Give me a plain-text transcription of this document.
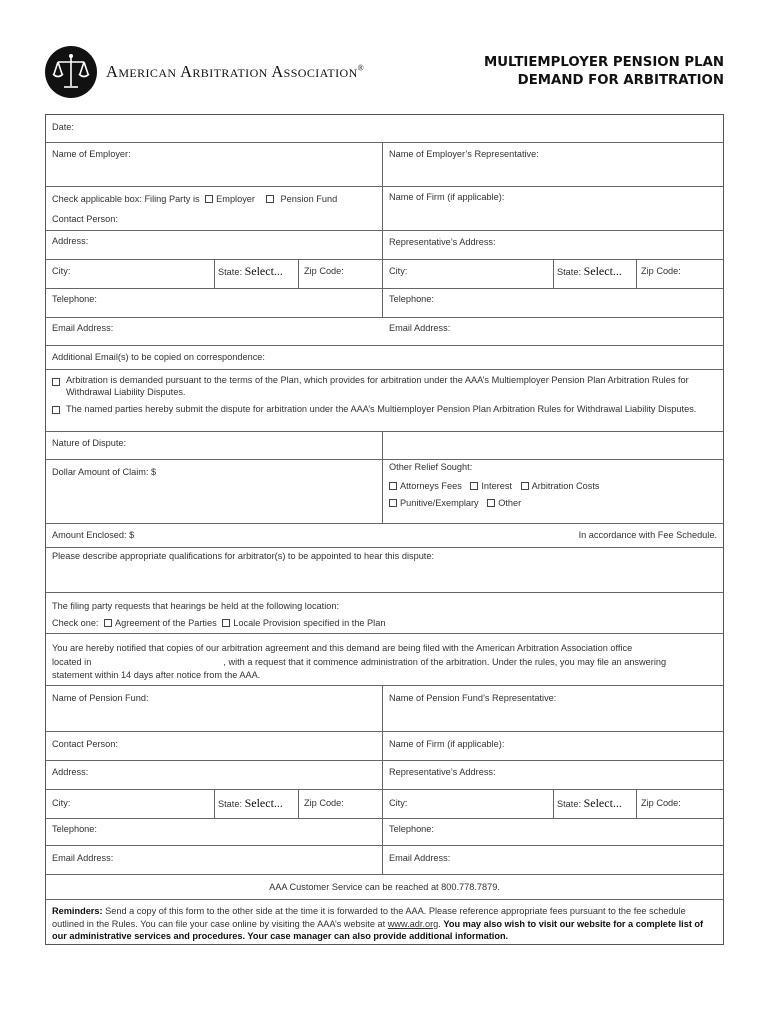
American Arbitration Association®	MULTIEMPLOYER PENSION PLAN
DEMAND FOR ARBITRATION
Date:
Name of Employer:	Name of Employer’s Representative:
Check applicable box: Filing Party is Employer	Pension Fund	Name of Firm (if applicable):
Contact Person:
Address:	Representative’s Address:
City:	State: Select... Zip Code:	City:	State: Select... Zip Code:
Telephone:	Telephone:
Email Address:	Email Address:
Additional Email(s) to be copied on correspondence:
Arbitration is demanded pursuant to the terms of the Plan, which provides for arbitration under the AAA’s Multiemployer Pension Plan Arbitration Rules for Withdrawal Liability Disputes.
The named parties hereby submit the dispute for arbitration under the AAA’s Multiemployer Pension Plan Arbitration Rules for Withdrawal Liability Disputes.
Nature of Dispute:
Dollar Amount of Claim: $	Other Relief Sought:
Attorneys Fees Interest Arbitration Costs
Punitive/Exemplary Other
Amount Enclosed: $	In accordance with Fee Schedule.
Please describe appropriate qualifications for arbitrator(s) to be appointed to hear this dispute:
The filing party requests that hearings be held at the following location:
Check one: Agreement of the Parties Locale Provision specified in the Plan
You are hereby notified that copies of our arbitration agreement and this demand are being filed with the American Arbitration Association office
located in	, with a request that it commence administration of the arbitration. Under the rules, you may file an answering
statement within 14 days after notice from the AAA.
Name of Pension Fund:	Name of Pension Fund’s Representative:
Contact Person:	Name of Firm (if applicable):
Address:	Representative’s Address:
City:	State: Select... Zip Code:	City:	State: Select... Zip Code:
Telephone:	Telephone:
Email Address:	Email Address:
AAA Customer Service can be reached at 800.778.7879.
Reminders: Send a copy of this form to the other side at the time it is forwarded to the AAA. Please reference appropriate fees pursuant to the fee schedule outlined in the Rules. You can file your case online by visiting the AAA’s website at www.adr.org. You may also wish to visit our website for a complete list of our administrative services and procedures. Your case manager can also provide additional information.
